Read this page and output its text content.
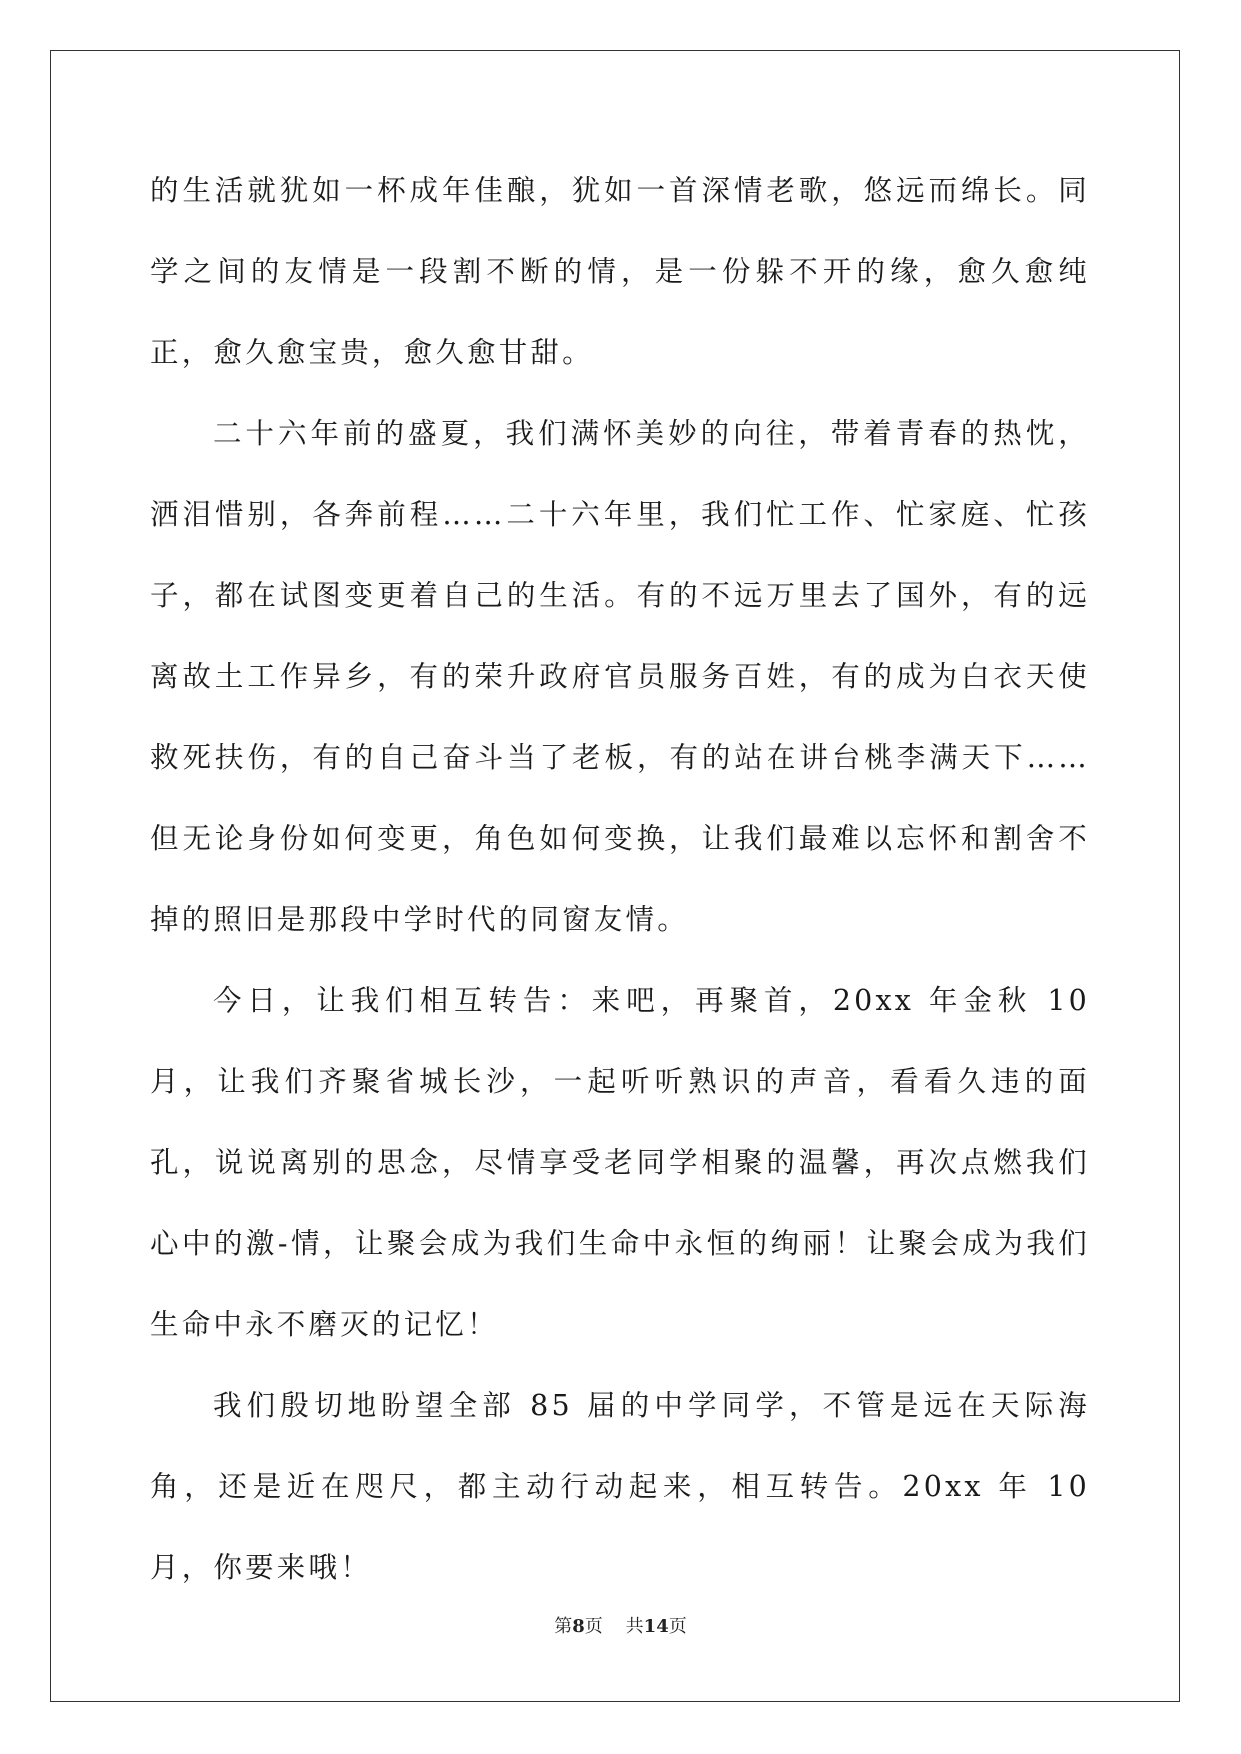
的生活就犹如一杯成年佳酿，犹如一首深情老歌，悠远而绵长。同学之间的友情是一段割不断的情，是一份躲不开的缘，愈久愈纯正，愈久愈宝贵，愈久愈甘甜。

二十六年前的盛夏，我们满怀美妙的向往，带着青春的热忱，洒泪惜别，各奔前程……二十六年里，我们忙工作、忙家庭、忙孩子，都在试图变更着自己的生活。有的不远万里去了国外，有的远离故土工作异乡，有的荣升政府官员服务百姓，有的成为白衣天使救死扶伤，有的自己奋斗当了老板，有的站在讲台桃李满天下……但无论身份如何变更，角色如何变换，让我们最难以忘怀和割舍不掉的照旧是那段中学时代的同窗友情。

今日，让我们相互转告：来吧，再聚首，20xx 年金秋 10 月，让我们齐聚省城长沙，一起听听熟识的声音，看看久违的面孔，说说离别的思念，尽情享受老同学相聚的温馨，再次点燃我们心中的激-情，让聚会成为我们生命中永恒的绚丽！让聚会成为我们生命中永不磨灭的记忆！

我们殷切地盼望全部 85 届的中学同学，不管是远在天际海角，还是近在咫尺，都主动行动起来，相互转告。20xx 年 10 月，你要来哦！

第8页 共14页
